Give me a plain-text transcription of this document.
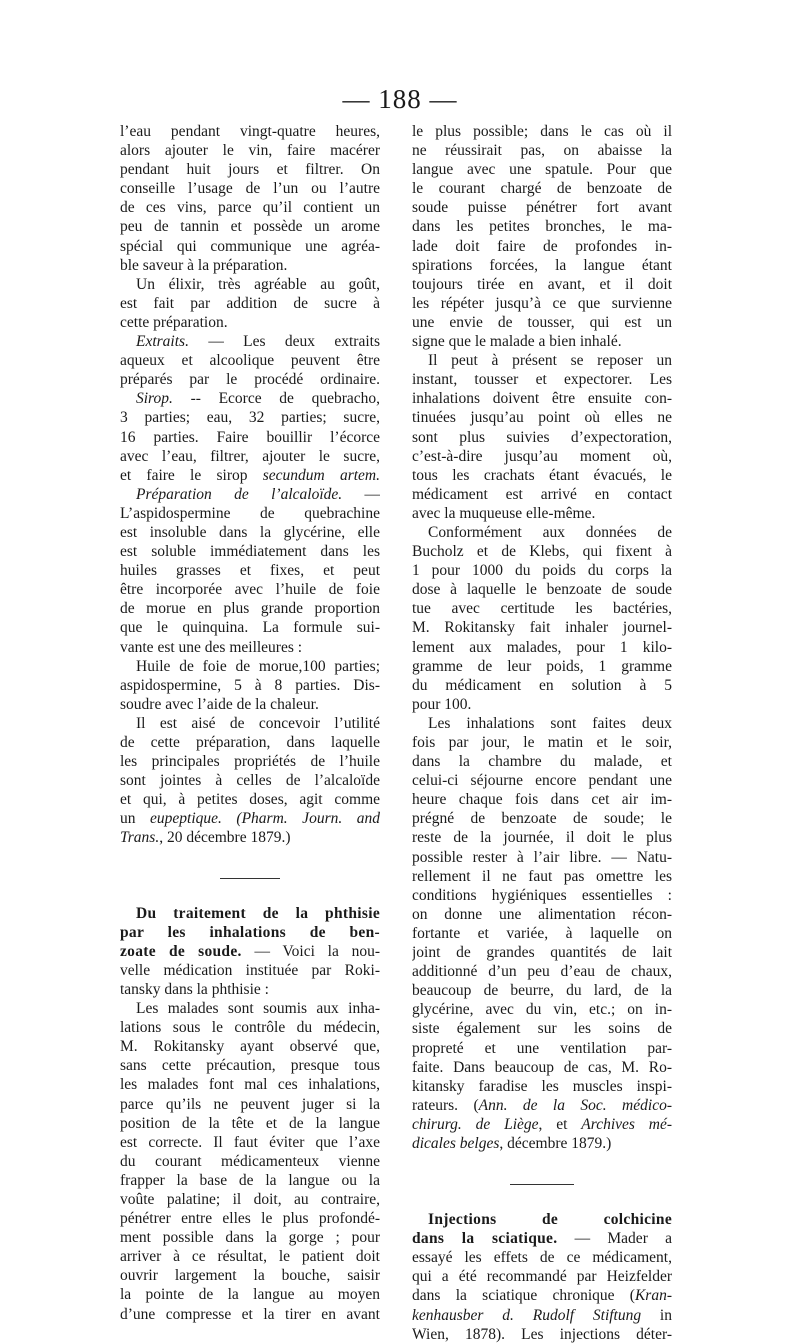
— 188 —
l’eau pendant vingt-quatre heures,
alors ajouter le vin, faire macérer
pendant huit jours et filtrer. On
conseille l’usage de l’un ou l’autre
de ces vins, parce qu’il contient un
peu de tannin et possède un arome
spécial qui communique une agréa-
ble saveur à la préparation.
Un élixir, très agréable au goût,
est fait par addition de sucre à
cette préparation.
Extraits. — Les deux extraits
aqueux et alcoolique peuvent être
préparés par le procédé ordinaire.
Sirop. -- Ecorce de quebracho,
3 parties; eau, 32 parties; sucre,
16 parties. Faire bouillir l’écorce
avec l’eau, filtrer, ajouter le sucre,
et faire le sirop secundum artem.
Préparation de l’alcaloïde. —
L’aspidospermine de quebrachine
est insoluble dans la glycérine, elle
est soluble immédiatement dans les
huiles grasses et fixes, et peut
être incorporée avec l’huile de foie
de morue en plus grande proportion
que le quinquina. La formule sui-
vante est une des meilleures :
Huile de foie de morue,100 parties;
aspidospermine, 5 à 8 parties. Dis-
soudre avec l’aide de la chaleur.
Il est aisé de concevoir l’utilité
de cette préparation, dans laquelle
les principales propriétés de l’huile
sont jointes à celles de l’alcaloïde
et qui, à petites doses, agit comme
un eupeptique. (Pharm. Journ. and
Trans., 20 décembre 1879.)
Du traitement de la phthisie
par les inhalations de ben-
zoate de soude. — Voici la nou-
velle médication instituée par Roki-
tansky dans la phthisie :
Les malades sont soumis aux inha-
lations sous le contrôle du médecin,
M. Rokitansky ayant observé que,
sans cette précaution, presque tous
les malades font mal ces inhalations,
parce qu’ils ne peuvent juger si la
position de la tête et de la langue
est correcte. Il faut éviter que l’axe
du courant médicamenteux vienne
frapper la base de la langue ou la
voûte palatine; il doit, au contraire,
pénétrer entre elles le plus profondé-
ment possible dans la gorge ; pour
arriver à ce résultat, le patient doit
ouvrir largement la bouche, saisir
la pointe de la langue au moyen
d’une compresse et la tirer en avant
le plus possible; dans le cas où il
ne réussirait pas, on abaisse la
langue avec une spatule. Pour que
le courant chargé de benzoate de
soude puisse pénétrer fort avant
dans les petites bronches, le ma-
lade doit faire de profondes in-
spirations forcées, la langue étant
toujours tirée en avant, et il doit
les répéter jusqu’à ce que survienne
une envie de tousser, qui est un
signe que le malade a bien inhalé.
Il peut à présent se reposer un
instant, tousser et expectorer. Les
inhalations doivent être ensuite con-
tinuées jusqu’au point où elles ne
sont plus suivies d’expectoration,
c’est-à-dire jusqu’au moment où,
tous les crachats étant évacués, le
médicament est arrivé en contact
avec la muqueuse elle-même.
Conformément aux données de
Bucholz et de Klebs, qui fixent à
1 pour 1000 du poids du corps la
dose à laquelle le benzoate de soude
tue avec certitude les bactéries,
M. Rokitansky fait inhaler journel-
lement aux malades, pour 1 kilo-
gramme de leur poids, 1 gramme
du médicament en solution à 5
pour 100.
Les inhalations sont faites deux
fois par jour, le matin et le soir,
dans la chambre du malade, et
celui-ci séjourne encore pendant une
heure chaque fois dans cet air im-
prégné de benzoate de soude; le
reste de la journée, il doit le plus
possible rester à l’air libre. — Natu-
rellement il ne faut pas omettre les
conditions hygiéniques essentielles :
on donne une alimentation récon-
fortante et variée, à laquelle on
joint de grandes quantités de lait
additionné d’un peu d’eau de chaux,
beaucoup de beurre, du lard, de la
glycérine, avec du vin, etc.; on in-
siste également sur les soins de
propreté et une ventilation par-
faite. Dans beaucoup de cas, M. Ro-
kitansky faradise les muscles inspi-
rateurs. (Ann. de la Soc. médico-
chirurg. de Liège, et Archives mé-
dicales belges, décembre 1879.)
Injections de colchicine
dans la sciatique. — Mader a
essayé les effets de ce médicament,
qui a été recommandé par Heizfelder
dans la sciatique chronique (Kran-
kenhausber d. Rudolf Stiftung in
Wien, 1878). Les injections déter-
